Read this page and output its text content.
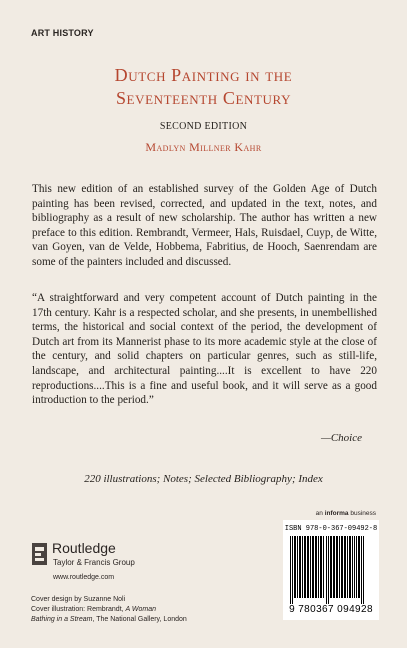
ART HISTORY
Dutch Painting in the
Seventeenth Century
SECOND EDITION
Madlyn Millner Kahr

This new edition of an established survey of the Golden Age of Dutch painting has been revised, corrected, and updated in the text, notes, and bibliography as a result of new scholarship. The author has written a new preface to this edition. Rembrandt, Vermeer, Hals, Ruisdael, Cuyp, de Witte, van Goyen, van de Velde, Hobbema, Fabritius, de Hooch, Saenrendam are some of the painters included and discussed.

“A straightforward and very competent account of Dutch painting in the 17th century. Kahr is a respected scholar, and she presents, in unembellished terms, the historical and social context of the period, the development of Dutch art from its Mannerist phase to its more academic style at the close of the century, and solid chapters on particular genres, such as still-life, landscape, and architectural painting....It is excellent to have 220 reproductions....This is a fine and useful book, and it will serve as a good introduction to the period.”

—Choice
220 illustrations; Notes; Selected Bibliography; Index
Routledge
Taylor & Francis Group
www.routledge.com
Cover design by Suzanne Noli
Cover illustration: Rembrandt, A Woman
Bathing in a Stream, The National Gallery, London
an informa business
ISBN 978-0-367-09492-8
9 780367 094928
